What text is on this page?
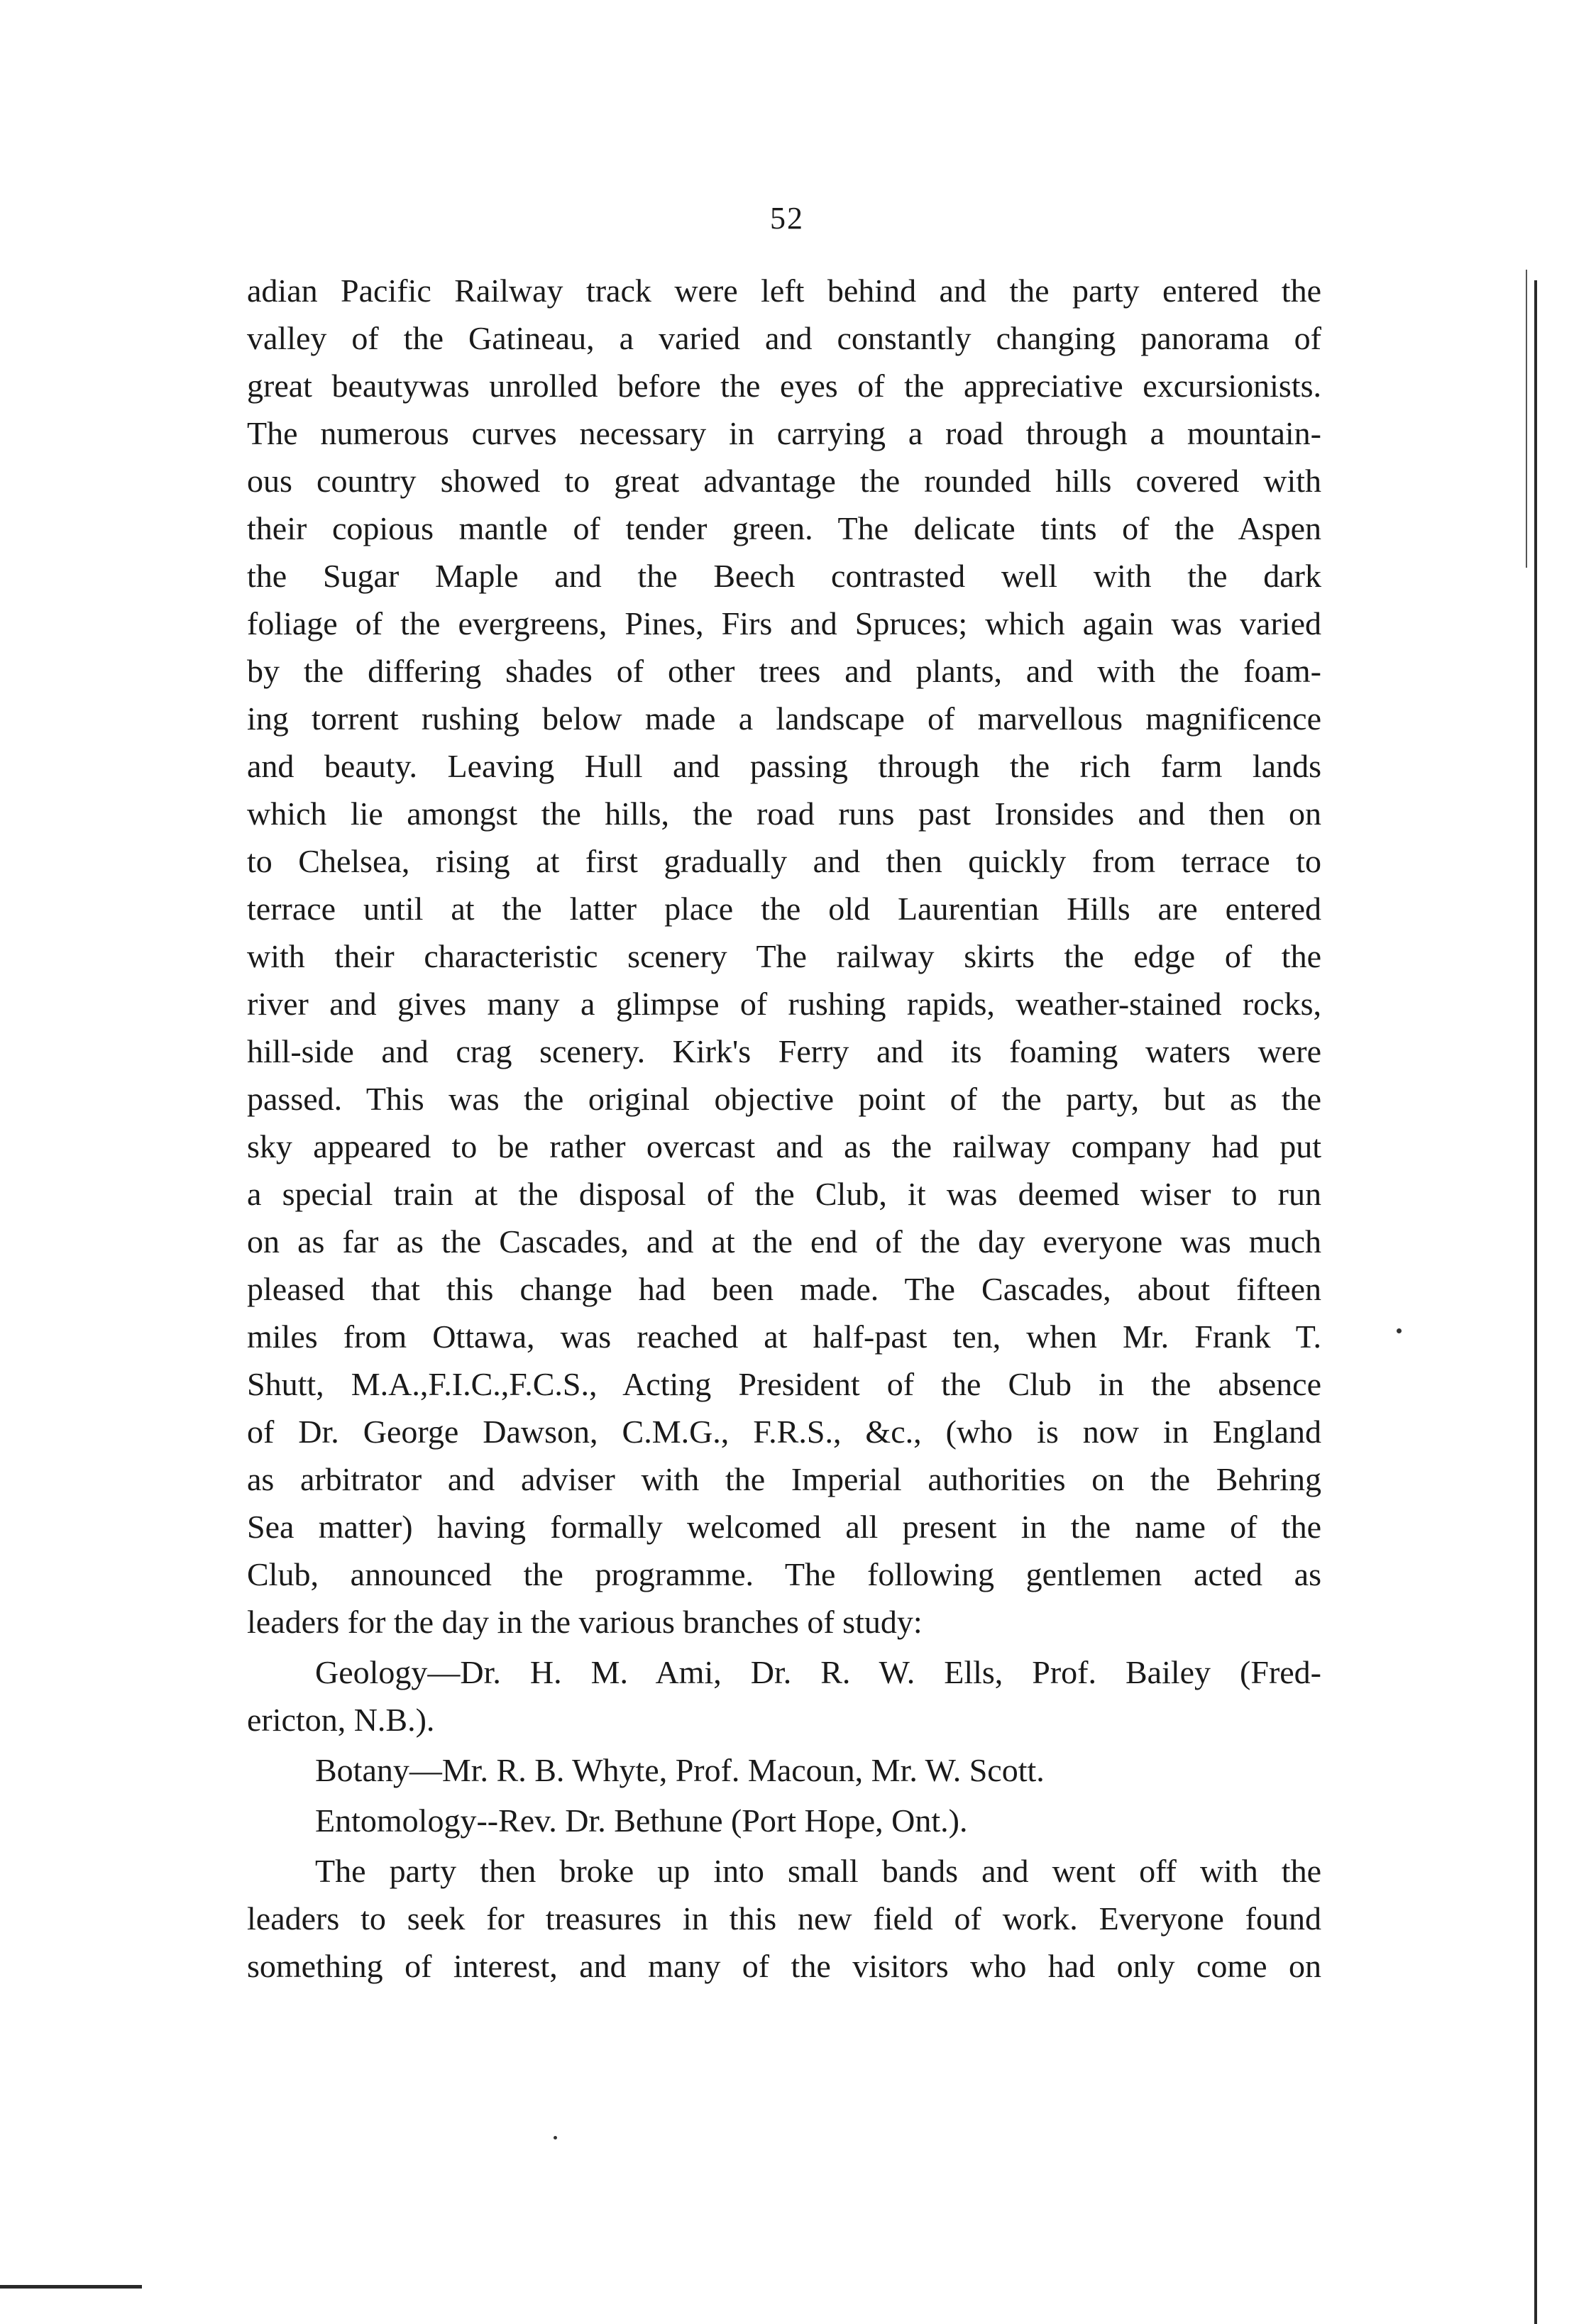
52
adian Pacific Railway track were left behind and the party entered the
valley of the Gatineau, a varied and constantly changing panorama of
great beautywas unrolled before the eyes of the appreciative excursionists.
The numerous curves necessary in carrying a road through a mountain-
ous country showed to great advantage the rounded hills covered with
their copious mantle of tender green. The delicate tints of the Aspen
the Sugar Maple and the Beech contrasted well with the dark
foliage of the evergreens, Pines, Firs and Spruces; which again was varied
by the differing shades of other trees and plants, and with the foam-
ing torrent rushing below made a landscape of marvellous magnificence
and beauty. Leaving Hull and passing through the rich farm lands
which lie amongst the hills, the road runs past Ironsides and then on
to Chelsea, rising at first gradually and then quickly from terrace to
terrace until at the latter place the old Laurentian Hills are entered
with their characteristic scenery The railway skirts the edge of the
river and gives many a glimpse of rushing rapids, weather-stained rocks,
hill-side and crag scenery. Kirk's Ferry and its foaming waters were
passed. This was the original objective point of the party, but as the
sky appeared to be rather overcast and as the railway company had put
a special train at the disposal of the Club, it was deemed wiser to run
on as far as the Cascades, and at the end of the day everyone was much
pleased that this change had been made. The Cascades, about fifteen
miles from Ottawa, was reached at half-past ten, when Mr. Frank T.
Shutt, M.A.,F.I.C.,F.C.S., Acting President of the Club in the absence
of Dr. George Dawson, C.M.G., F.R.S., &c., (who is now in England
as arbitrator and adviser with the Imperial authorities on the Behring
Sea matter) having formally welcomed all present in the name of the
Club, announced the programme. The following gentlemen acted as
leaders for the day in the various branches of study:
Geology—Dr. H. M. Ami, Dr. R. W. Ells, Prof. Bailey (Fred-
ericton, N.B.).
Botany—Mr. R. B. Whyte, Prof. Macoun, Mr. W. Scott.
Entomology--Rev. Dr. Bethune (Port Hope, Ont.).
The party then broke up into small bands and went off with the
leaders to seek for treasures in this new field of work. Everyone found
something of interest, and many of the visitors who had only come on
